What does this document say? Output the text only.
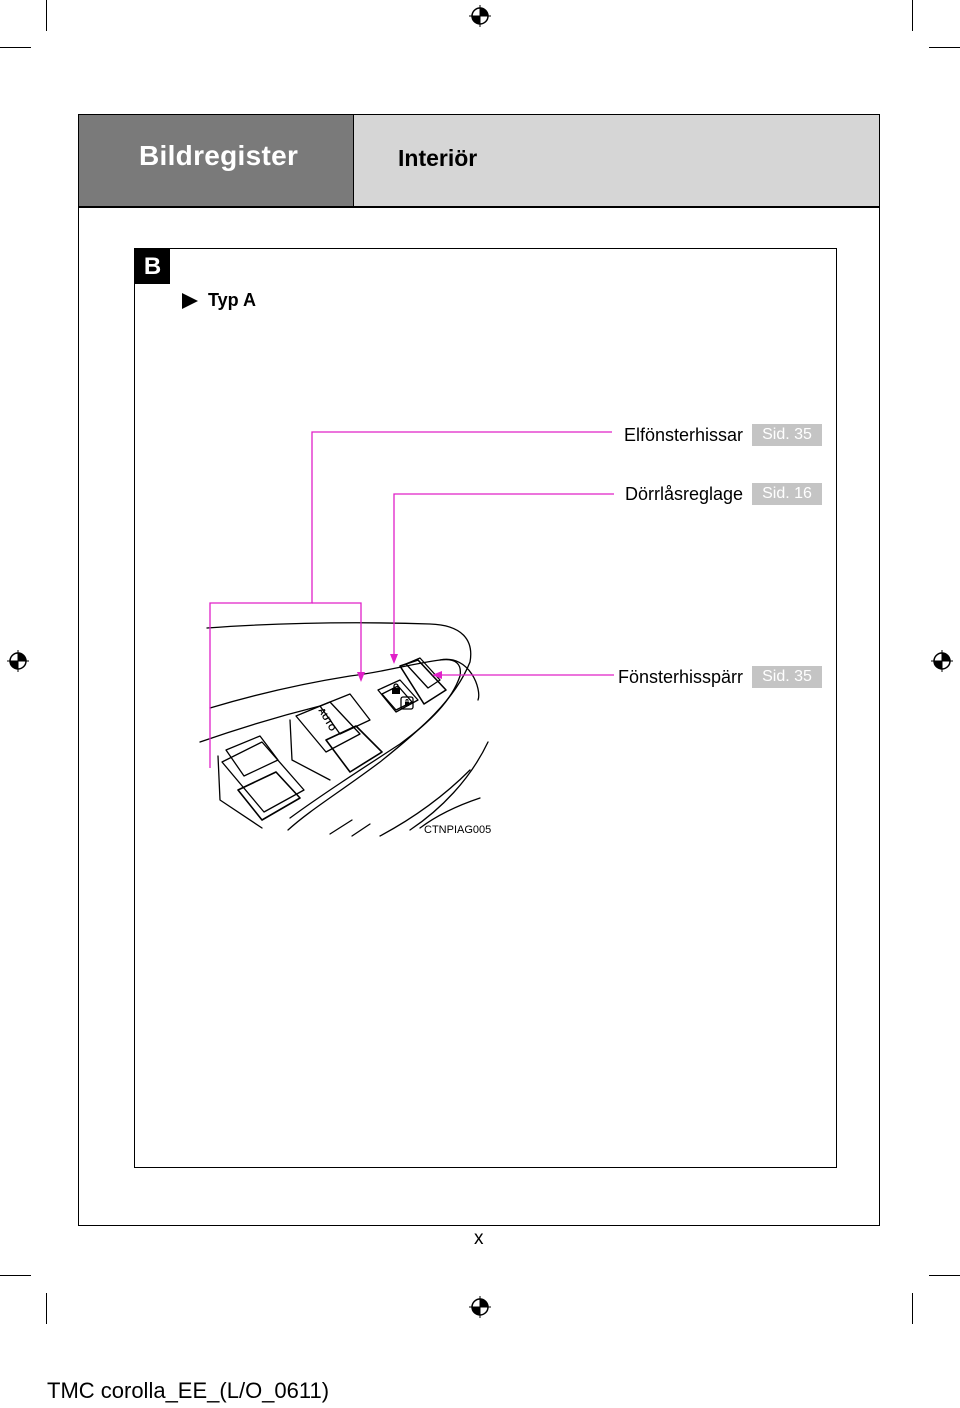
Bildregister	Interiör
B
Typ A
AUTO
Elfönsterhissar	Sid. 35
Dörrlåsreglage	Sid. 16
Fönsterhisspärr	Sid. 35
CTNPIAG005
x
TMC corolla_EE_(L/O_0611)
